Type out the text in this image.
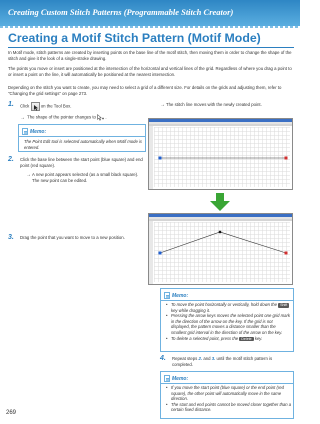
Creating Custom Stitch Patterns (Programmable Stitch Creator)
Creating a Motif Stitch Pattern (Motif Mode)
In Motif mode, stitch patterns are created by inserting points on the base line of the motif stitch, then moving them in order to change the shape of the stitch and give it the look of a single-stroke drawing.
The points you move or insert are positioned at the intersection of the horizontal and vertical lines of the grid. Regardless of where you drag a point to or insert a point on the line, it will automatically be positioned at the nearest intersection.
Depending on the stitch you want to create, you may need to select a grid of a different size. For details on the grids and adjusting them, refer to "Changing the grid settings" on page 273.
1. Click	on the Tool Box.
→ The shape of the pointer changes to .
Memo:
The Point Edit tool is selected automatically when Motif mode is entered.
2. Click the base line between the start point (blue square) and end point (red square).
→ A new point appears selected (as a small black square). The new point can be edited.
3. Drag the point that you want to move to a new position.
→ The stitch line moves with the newly created point.
Memo:
• To move the point horizontally or vertically, hold down the Shift key while dragging it.
• Pressing the arrow keys moves the selected point one grid mark in the direction of the arrow on the key. If the grid is not displayed, the pattern moves a distance smaller than the smallest grid interval in the direction of the arrow on the key.
• To delete a selected point, press the Delete key.
4. Repeat steps 2. and 3. until the motif stitch pattern is completed.
Memo:
• If you move the start point (blue square) or the end point (red square), the other point will automatically move in the same direction.
• The start and end points cannot be moved closer together than a certain fixed distance.
269
